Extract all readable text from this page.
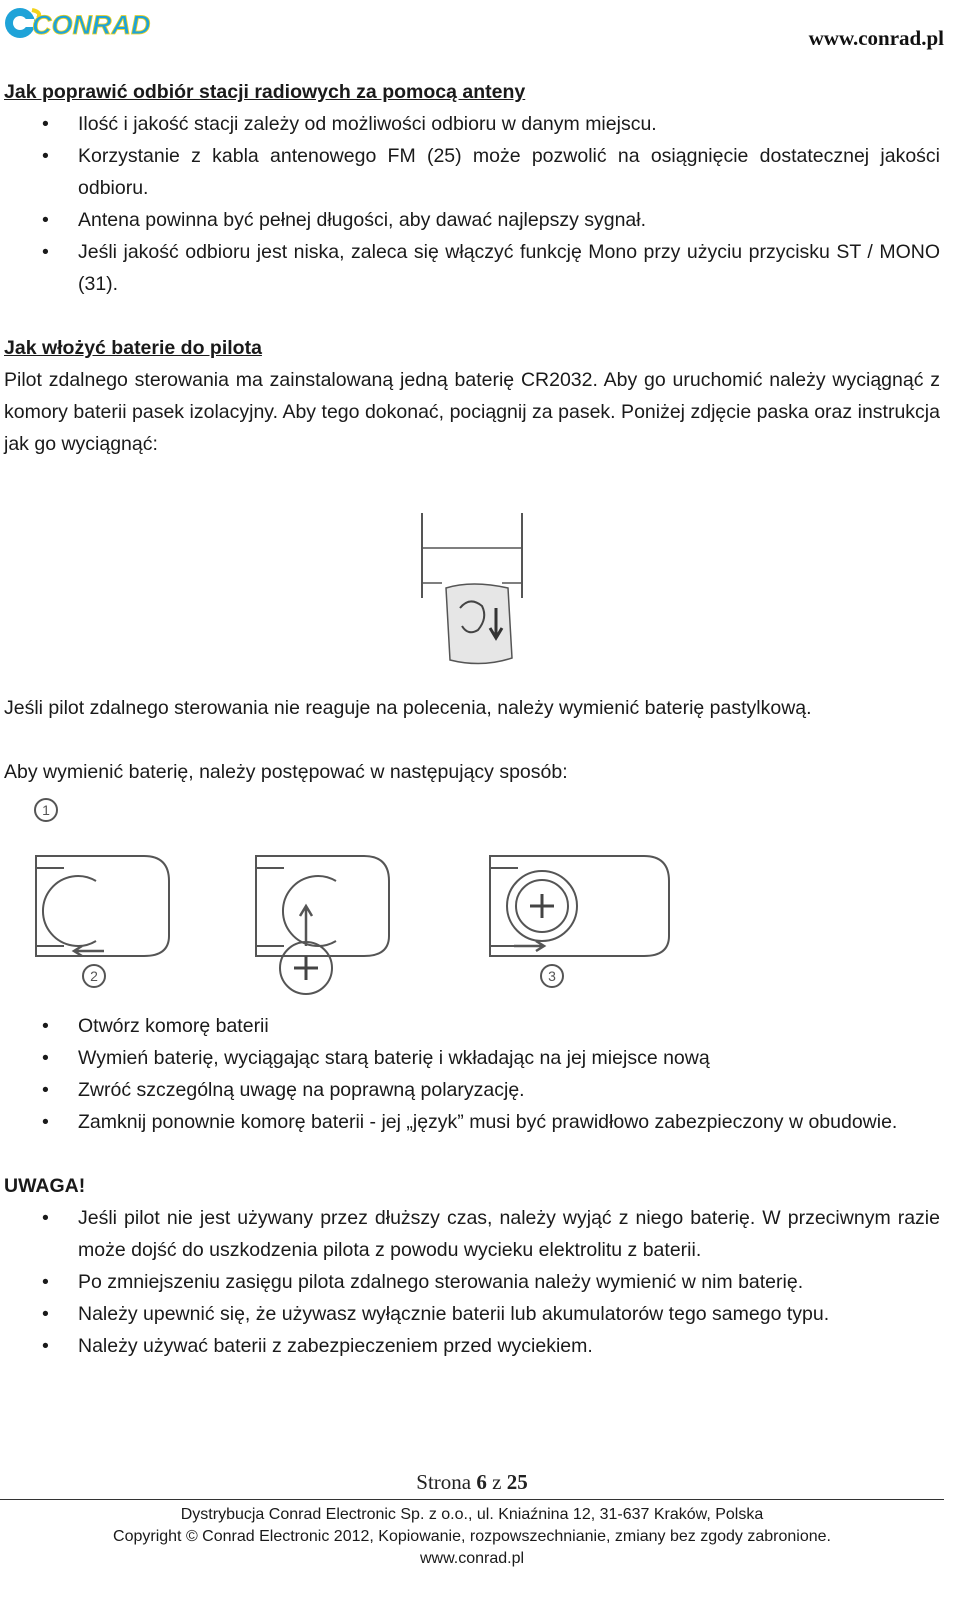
CONRAD	www.conrad.pl
Jak poprawić odbiór stacji radiowych za pomocą anteny
• Ilość i jakość stacji zależy od możliwości odbioru w danym miejscu.
• Korzystanie z kabla antenowego FM (25) może pozwolić na osiągnięcie dostatecznej jakości odbioru.
• Antena powinna być pełnej długości, aby dawać najlepszy sygnał.
• Jeśli jakość odbioru jest niska, zaleca się włączyć funkcję Mono przy użyciu przycisku ST / MONO (31).
Jak włożyć baterie do pilota

Pilot zdalnego sterowania ma zainstalowaną jedną baterię CR2032. Aby go uruchomić należy wyciągnąć z komory baterii pasek izolacyjny. Aby tego dokonać, pociągnij za pasek. Poniżej zdjęcie paska oraz instrukcja jak go wyciągnąć:

Jeśli pilot zdalnego sterowania nie reaguje na polecenia, należy wymienić baterię pastylkową.

Aby wymienić baterię, należy postępować w następujący sposób:

1
2	3
• Otwórz komorę baterii
• Wymień baterię, wyciągając starą baterię i wkładając na jej miejsce nową
• Zwróć szczególną uwagę na poprawną polaryzację.
• Zamknij ponownie komorę baterii - jej „język” musi być prawidłowo zabezpieczony w obudowie.
UWAGA!
• Jeśli pilot nie jest używany przez dłuższy czas, należy wyjąć z niego baterię. W przeciwnym razie może dojść do uszkodzenia pilota z powodu wycieku elektrolitu z baterii.
• Po zmniejszeniu zasięgu pilota zdalnego sterowania należy wymienić w nim baterię.
• Należy upewnić się, że używasz wyłącznie baterii lub akumulatorów tego samego typu.
• Należy używać baterii z zabezpieczeniem przed wyciekiem.
Strona 6 z 25
Dystrybucja Conrad Electronic Sp. z o.o., ul. Kniaźnina 12, 31-637 Kraków, Polska
Copyright © Conrad Electronic 2012, Kopiowanie, rozpowszechnianie, zmiany bez zgody zabronione.
www.conrad.pl
